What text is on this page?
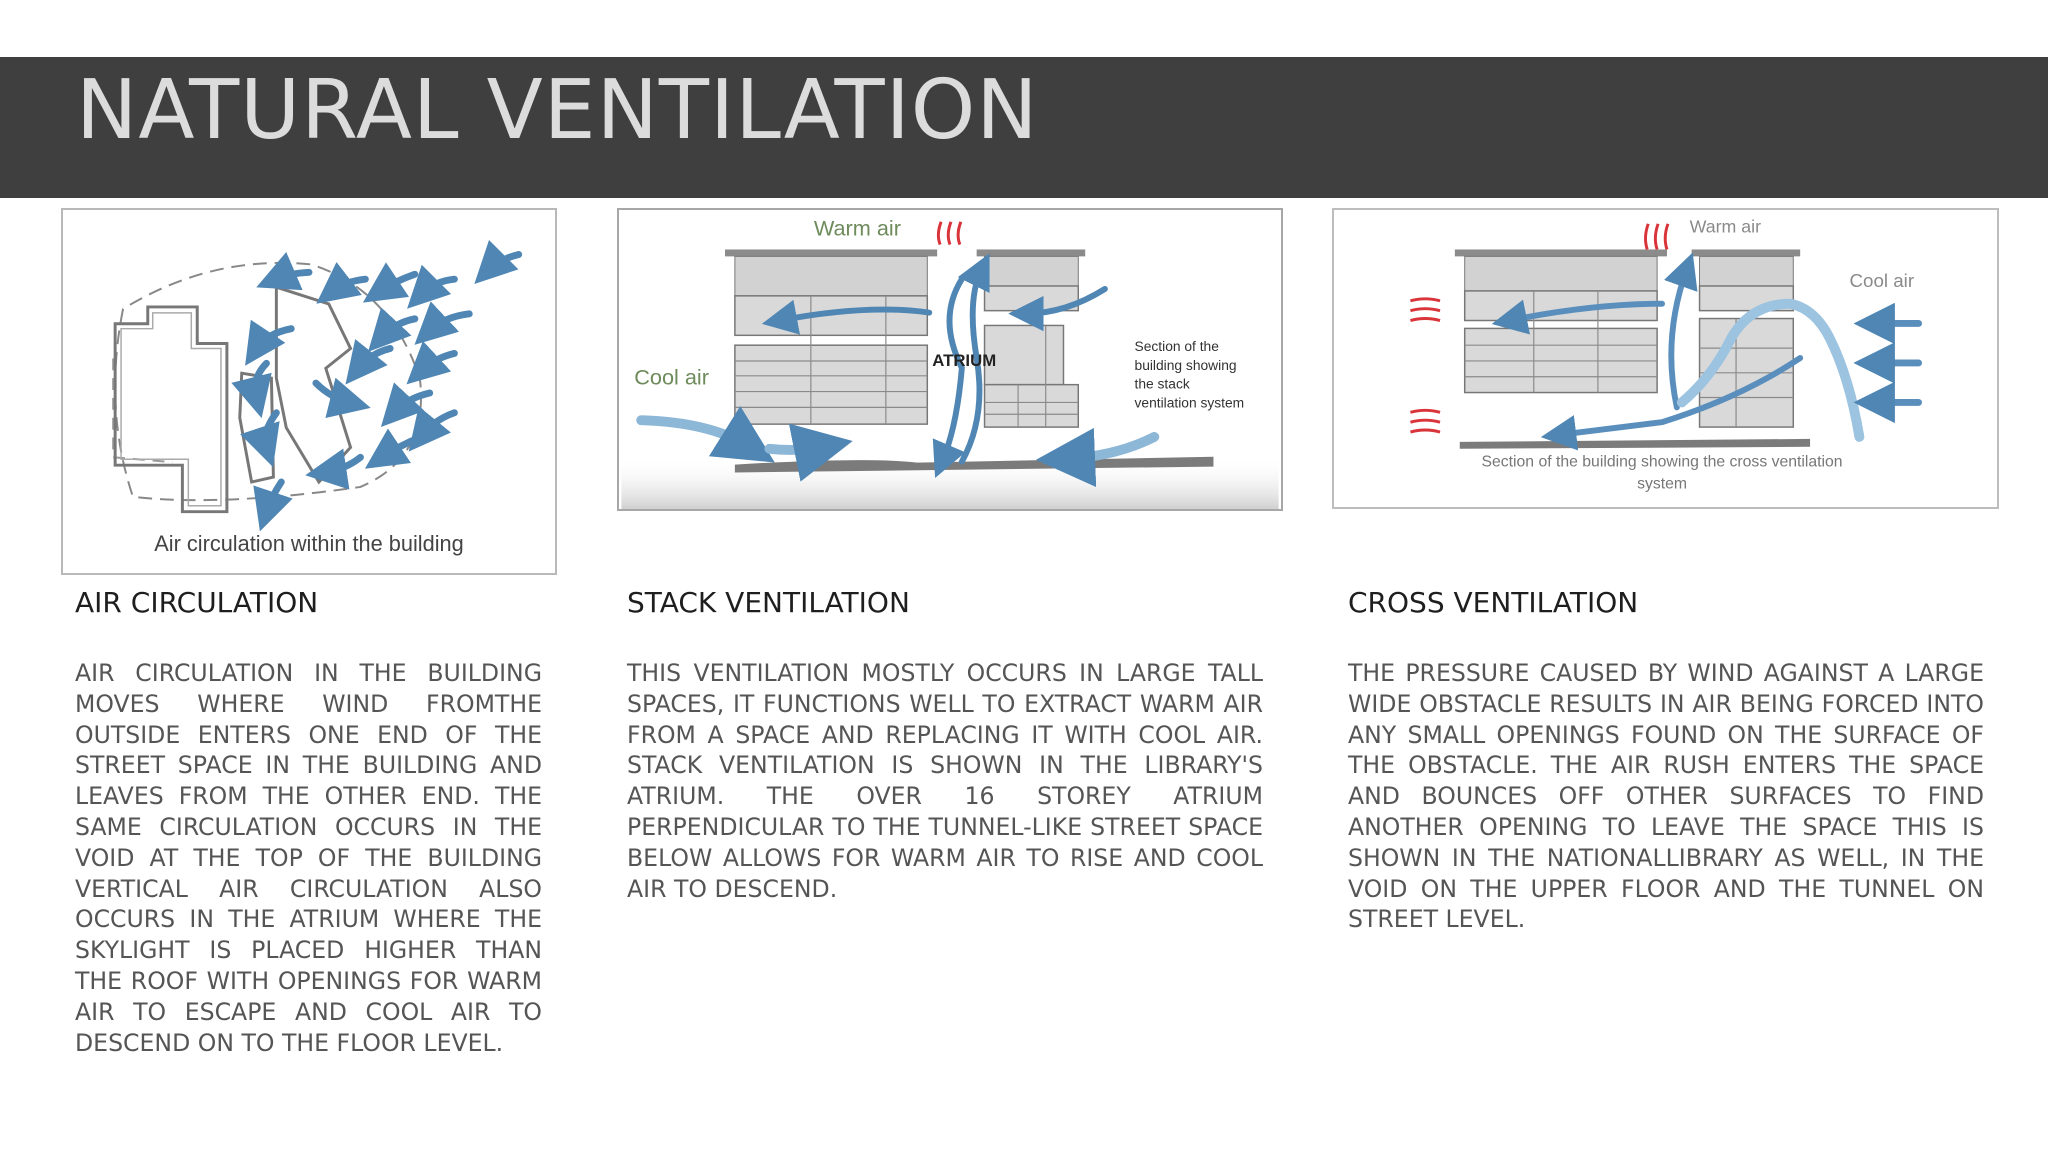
NATURAL VENTILATION
Air circulation within the building
Warm air
Cool air
ATRIUM
Section of the
building showing
the stack
ventilation system
Warm air
Cool air
Section of the building showing the cross ventilation
system
AIR CIRCULATION

AIR CIRCULATION IN THE BUILDING MOVES WHERE WIND FROMTHE OUTSIDE ENTERS ONE END OF THE STREET SPACE IN THE BUILDING AND LEAVES FROM THE OTHER END. THE SAME CIRCULATION OCCURS IN THE VOID AT THE TOP OF THE BUILDING VERTICAL AIR CIRCULATION ALSO OCCURS IN THE ATRIUM WHERE THE SKYLIGHT IS PLACED HIGHER THAN THE ROOF WITH OPENINGS FOR WARM AIR TO ESCAPE AND COOL AIR TO DESCEND ON TO THE FLOOR LEVEL.

STACK VENTILATION

THIS VENTILATION MOSTLY OCCURS IN LARGE TALL SPACES, IT FUNCTIONS WELL TO EXTRACT WARM AIR FROM A SPACE AND REPLACING IT WITH COOL AIR. STACK VENTILATION IS SHOWN IN THE LIBRARY'S ATRIUM. THE OVER 16 STOREY ATRIUM PERPENDICULAR TO THE TUNNEL-LIKE STREET SPACE BELOW ALLOWS FOR WARM AIR TO RISE AND COOL AIR TO DESCEND.

CROSS VENTILATION

THE PRESSURE CAUSED BY WIND AGAINST A LARGE WIDE OBSTACLE RESULTS IN AIR BEING FORCED INTO ANY SMALL OPENINGS FOUND ON THE SURFACE OF THE OBSTACLE. THE AIR RUSH ENTERS THE SPACE AND BOUNCES OFF OTHER SURFACES TO FIND ANOTHER OPENING TO LEAVE THE SPACE THIS IS SHOWN IN THE NATIONALLIBRARY AS WELL, IN THE VOID ON THE UPPER FLOOR AND THE TUNNEL ON STREET LEVEL.
